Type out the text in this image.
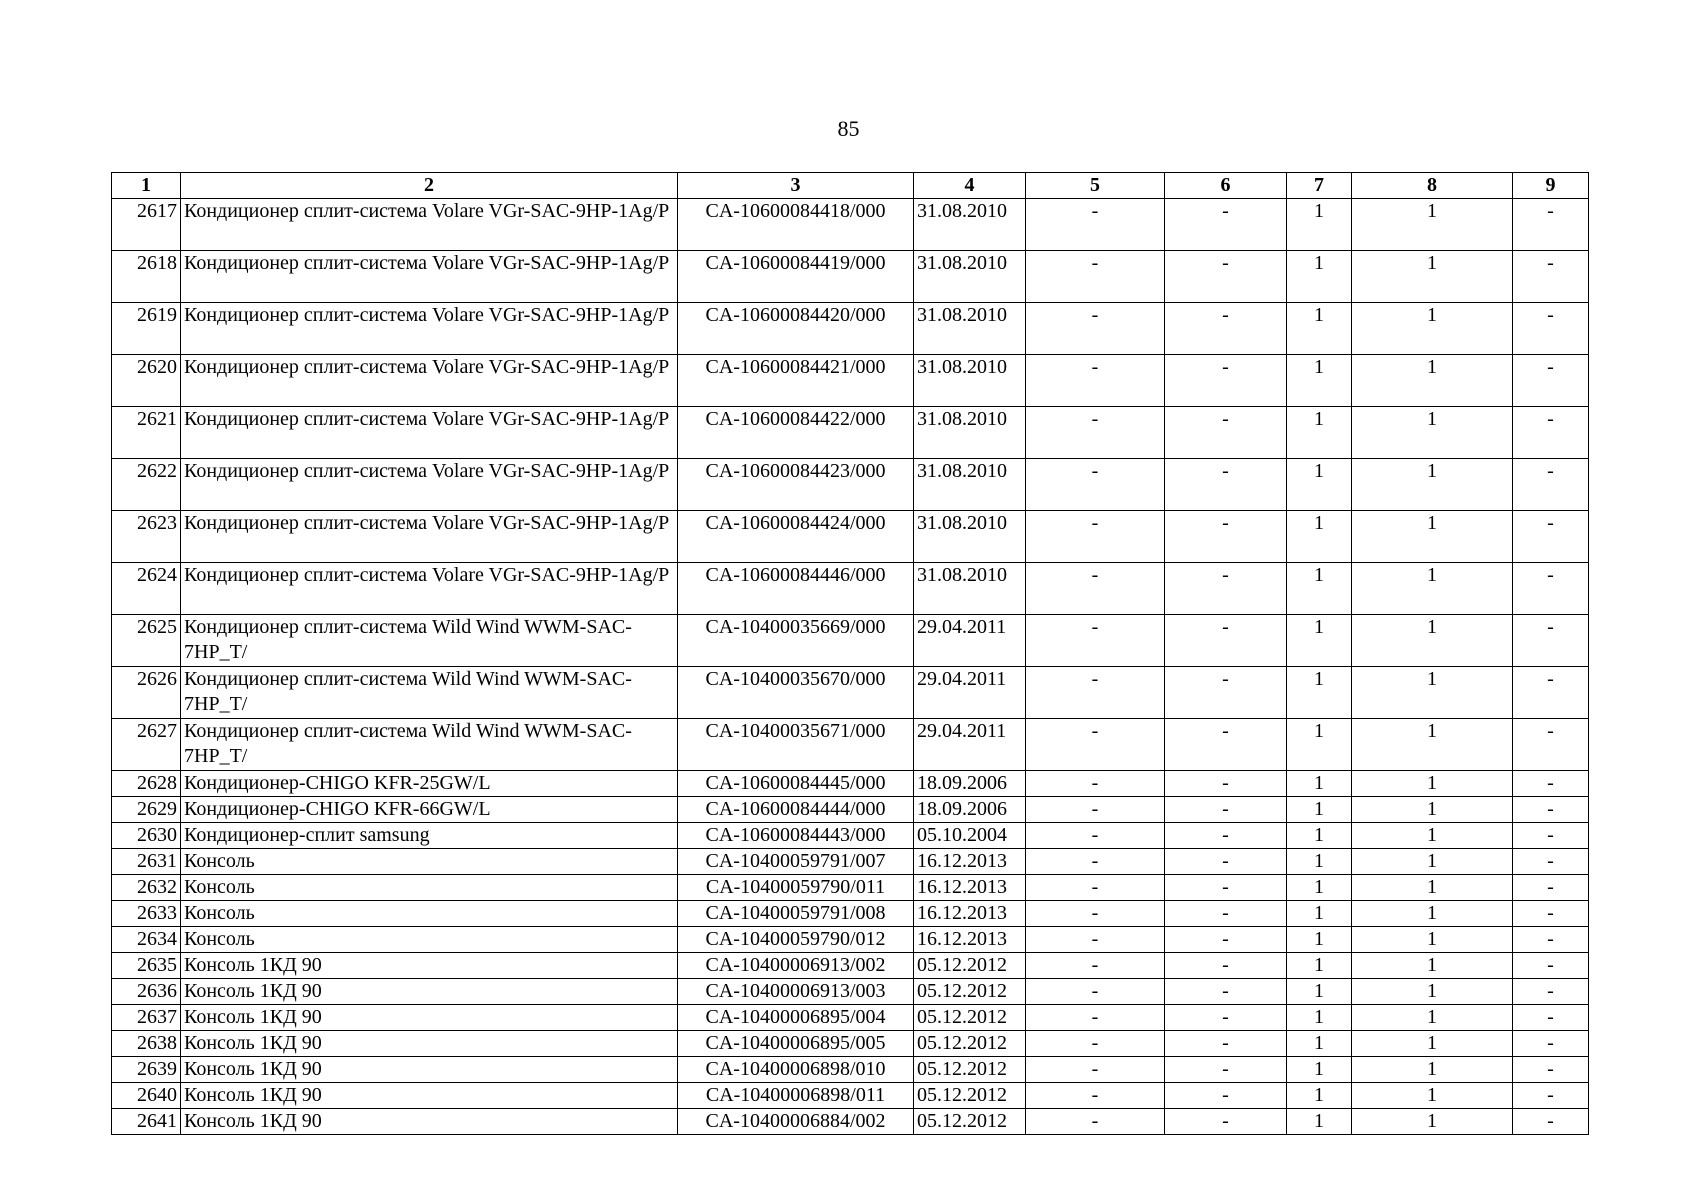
85
1	2	3	4	5	6	7	8	9
2617	Кондиционер сплит-система Volare VGr-SAC-9HP-1Ag/P	CA-10600084418/000	31.08.2010	-	-	1	1	-
2618	Кондиционер сплит-система Volare VGr-SAC-9HP-1Ag/P	CA-10600084419/000	31.08.2010	-	-	1	1	-
2619	Кондиционер сплит-система Volare VGr-SAC-9HP-1Ag/P	CA-10600084420/000	31.08.2010	-	-	1	1	-
2620	Кондиционер сплит-система Volare VGr-SAC-9HP-1Ag/P	CA-10600084421/000	31.08.2010	-	-	1	1	-
2621	Кондиционер сплит-система Volare VGr-SAC-9HP-1Ag/P	CA-10600084422/000	31.08.2010	-	-	1	1	-
2622	Кондиционер сплит-система Volare VGr-SAC-9HP-1Ag/P	CA-10600084423/000	31.08.2010	-	-	1	1	-
2623	Кондиционер сплит-система Volare VGr-SAC-9HP-1Ag/P	CA-10600084424/000	31.08.2010	-	-	1	1	-
2624	Кондиционер сплит-система Volare VGr-SAC-9HP-1Ag/P	CA-10600084446/000	31.08.2010	-	-	1	1	-
2625	Кондиционер сплит-система Wild Wind WWM-SAC-7HP_T/	CA-10400035669/000	29.04.2011	-	-	1	1	-
2626	Кондиционер сплит-система Wild Wind WWM-SAC-7HP_T/	CA-10400035670/000	29.04.2011	-	-	1	1	-
2627	Кондиционер сплит-система Wild Wind WWM-SAC-7HP_T/	CA-10400035671/000	29.04.2011	-	-	1	1	-
2628	Кондиционер-CHIGO KFR-25GW/L	CA-10600084445/000	18.09.2006	-	-	1	1	-
2629	Кондиционер-CHIGO KFR-66GW/L	CA-10600084444/000	18.09.2006	-	-	1	1	-
2630	Кондиционер-сплит samsung	CA-10600084443/000	05.10.2004	-	-	1	1	-
2631	Консоль	CA-10400059791/007	16.12.2013	-	-	1	1	-
2632	Консоль	CA-10400059790/011	16.12.2013	-	-	1	1	-
2633	Консоль	CA-10400059791/008	16.12.2013	-	-	1	1	-
2634	Консоль	CA-10400059790/012	16.12.2013	-	-	1	1	-
2635	Консоль 1КД 90	CA-10400006913/002	05.12.2012	-	-	1	1	-
2636	Консоль 1КД 90	CA-10400006913/003	05.12.2012	-	-	1	1	-
2637	Консоль 1КД 90	CA-10400006895/004	05.12.2012	-	-	1	1	-
2638	Консоль 1КД 90	CA-10400006895/005	05.12.2012	-	-	1	1	-
2639	Консоль 1КД 90	CA-10400006898/010	05.12.2012	-	-	1	1	-
2640	Консоль 1КД 90	CA-10400006898/011	05.12.2012	-	-	1	1	-
2641	Консоль 1КД 90	CA-10400006884/002	05.12.2012	-	-	1	1	-
